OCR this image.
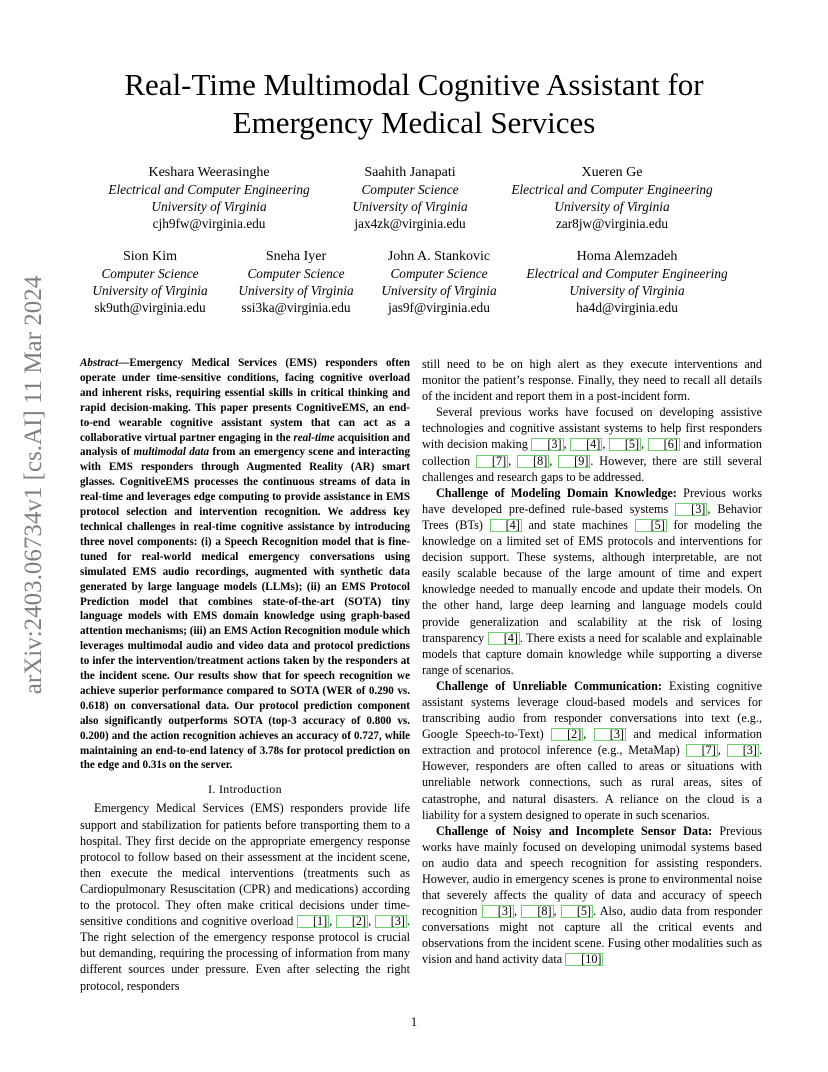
Real-Time Multimodal Cognitive Assistant for
Emergency Medical Services
Keshara Weerasinghe
Electrical and Computer Engineering
University of Virginia
cjh9fw@virginia.edu
Saahith Janapati
Computer Science
University of Virginia
jax4zk@virginia.edu
Xueren Ge
Electrical and Computer Engineering
University of Virginia
zar8jw@virginia.edu
Sion Kim
Computer Science
University of Virginia
sk9uth@virginia.edu
Sneha Iyer
Computer Science
University of Virginia
ssi3ka@virginia.edu
John A. Stankovic
Computer Science
University of Virginia
jas9f@virginia.edu
Homa Alemzadeh
Electrical and Computer Engineering
University of Virginia
ha4d@virginia.edu
arXiv:2403.06734v1 [cs.AI] 11 Mar 2024	Abstract—Emergency Medical Services (EMS) responders often operate under time-sensitive conditions, facing cognitive overload and inherent risks, requiring essential skills in critical thinking and rapid decision-making. This paper presents CognitiveEMS, an end-to-end wearable cognitive assistant system that can act as a collaborative virtual partner engaging in the real-time acquisition and analysis of multimodal data from an emergency scene and interacting with EMS responders through Augmented Reality (AR) smart glasses. CognitiveEMS processes the continuous streams of data in real-time and leverages edge computing to provide assistance in EMS protocol selection and intervention recognition. We address key technical challenges in real-time cognitive assistance by introducing three novel components: (i) a Speech Recognition model that is fine-tuned for real-world medical emergency conversations using simulated EMS audio recordings, augmented with synthetic data generated by large language models (LLMs); (ii) an EMS Protocol Prediction model that combines state-of-the-art (SOTA) tiny language models with EMS domain knowledge using graph-based attention mechanisms; (iii) an EMS Action Recognition module which leverages multimodal audio and video data and protocol predictions to infer the intervention/treatment actions taken by the responders at the incident scene. Our results show that for speech recognition we achieve superior performance compared to SOTA (WER of 0.290 vs. 0.618) on conversational data. Our protocol prediction component also significantly outperforms SOTA (top-3 accuracy of 0.800 vs. 0.200) and the action recognition achieves an accuracy of 0.727, while maintaining an end-to-end latency of 3.78s for protocol prediction on the edge and 0.31s on the server.

I. Introduction

Emergency Medical Services (EMS) responders provide life support and stabilization for patients before transporting them to a hospital. They first decide on the appropriate emergency response protocol to follow based on their assessment at the incident scene, then execute the medical interventions (treatments such as Cardiopulmonary Resuscitation (CPR) and medications) according to the protocol. They often make critical decisions under time-sensitive conditions and cognitive overload [1] , [2] , [3] . The right selection of the emergency response protocol is crucial but demanding, requiring the processing of information from many different sources under pressure. Even after selecting the right protocol, responders

still need to be on high alert as they execute interventions and monitor the patient’s response. Finally, they need to recall all details of the incident and report them in a post-incident form.

Several previous works have focused on developing assistive technologies and cognitive assistant systems to help first responders with decision making [3] , [4] , [5] , [6] and information collection [7] , [8] , [9] . However, there are still several challenges and research gaps to be addressed.

Challenge of Modeling Domain Knowledge: Previous works have developed pre-defined rule-based systems [3] , Behavior Trees (BTs) [4] and state machines [5] for modeling the knowledge on a limited set of EMS protocols and interventions for decision support. These systems, although interpretable, are not easily scalable because of the large amount of time and expert knowledge needed to manually encode and update their models. On the other hand, large deep learning and language models could provide generalization and scalability at the risk of losing transparency [4] . There exists a need for scalable and explainable models that capture domain knowledge while supporting a diverse range of scenarios.

Challenge of Unreliable Communication: Existing cognitive assistant systems leverage cloud-based models and services for transcribing audio from responder conversations into text (e.g., Google Speech-to-Text) [2] , [3] and medical information extraction and protocol inference (e.g., MetaMap) [7] , [3] . However, responders are often called to areas or situations with unreliable network connections, such as rural areas, sites of catastrophe, and natural disasters. A reliance on the cloud is a liability for a system designed to operate in such scenarios.

Challenge of Noisy and Incomplete Sensor Data: Previous works have mainly focused on developing unimodal systems based on audio data and speech recognition for assisting responders. However, audio in emergency scenes is prone to environmental noise that severely affects the quality of data and accuracy of speech recognition [3] , [8] , [5] . Also, audio data from responder conversations might not capture all the critical events and observations from the incident scene. Fusing other modalities such as vision and hand activity data [10]

1
